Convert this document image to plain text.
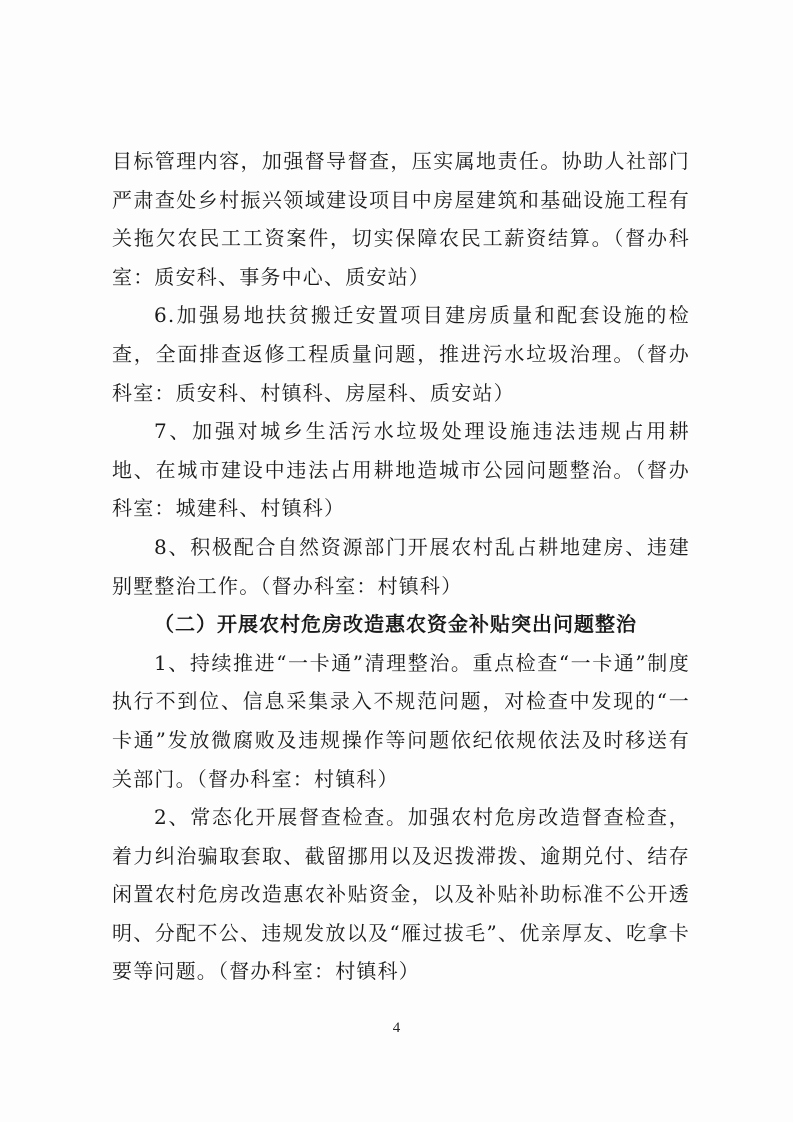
目标管理内容，加强督导督查，压实属地责任。协助人社部门严肃查处乡村振兴领域建设项目中房屋建筑和基础设施工程有关拖欠农民工工资案件，切实保障农民工薪资结算。（督办科室：质安科、事务中心、质安站）

6.加强易地扶贫搬迁安置项目建房质量和配套设施的检查，全面排查返修工程质量问题，推进污水垃圾治理。（督办科室：质安科、村镇科、房屋科、质安站）

7、加强对城乡生活污水垃圾处理设施违法违规占用耕地、在城市建设中违法占用耕地造城市公园问题整治。（督办科室：城建科、村镇科）

8、积极配合自然资源部门开展农村乱占耕地建房、违建别墅整治工作。（督办科室：村镇科）

（二）开展农村危房改造惠农资金补贴突出问题整治

1、持续推进“一卡通”清理整治。重点检查“一卡通”制度执行不到位、信息采集录入不规范问题，对检查中发现的“一卡通”发放微腐败及违规操作等问题依纪依规依法及时移送有关部门。（督办科室：村镇科）

2、常态化开展督查检查。加强农村危房改造督查检查，着力纠治骗取套取、截留挪用以及迟拨滞拨、逾期兑付、结存闲置农村危房改造惠农补贴资金，以及补贴补助标准不公开透明、分配不公、违规发放以及“雁过拔毛”、优亲厚友、吃拿卡要等问题。（督办科室：村镇科）

4
